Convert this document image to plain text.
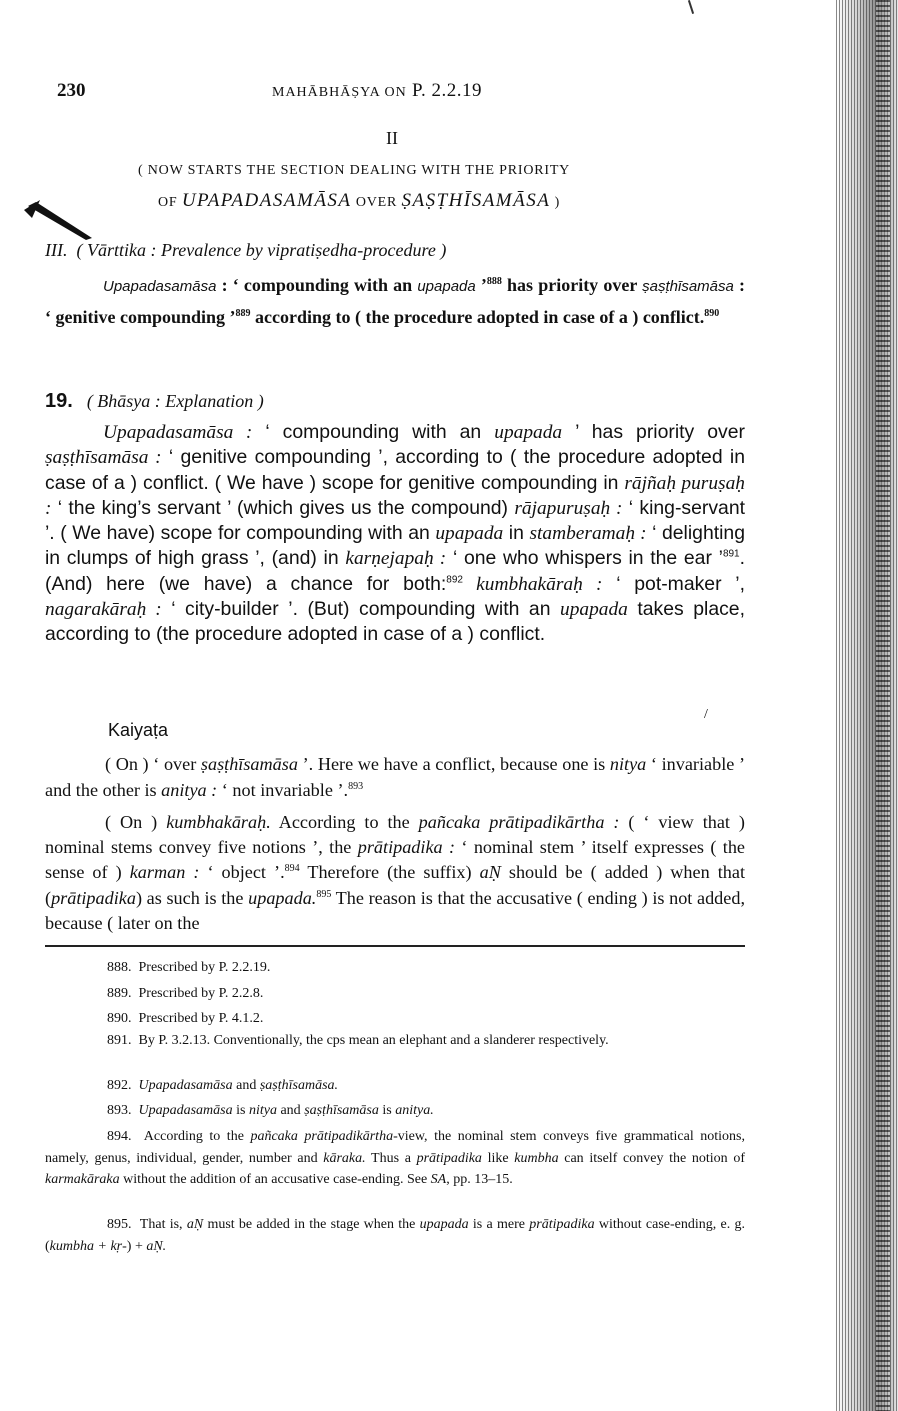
230	MAHĀBHĀṢYA ON P. 2.2.19
II
( NOW STARTS THE SECTION DEALING WITH THE PRIORITY
OF UPAPADASAMĀSA OVER ṢAṢṬHĪSAMĀSA )
III. ( Vārttika : Prevalence by vipratiṣedha-procedure )
Upapadasamāsa : ‘ compounding with an upapada ’$^{888}$ has priority over ṣaṣṭhīsamāsa : ‘ genitive compounding ’$^{889}$ according to ( the procedure adopted in case of a ) conflict.$^{890}$
19. ( Bhāsya : Explanation )
Upapadasamāsa : ‘ compounding with an upapada ’ has priority over ṣaṣṭhīsamāsa : ‘ genitive compounding ’, according to ( the procedure adopted in case of a ) conflict. ( We have ) scope for genitive compounding in rājñaḥ puruṣaḥ : ‘ the king’s servant ’ (which gives us the compound) rājapuruṣaḥ : ‘ king-servant ’. ( We have) scope for compounding with an upapada in stamberamaḥ : ‘ delighting in clumps of high grass ’, (and) in karṇejapaḥ : ‘ one who whispers in the ear ’$^{891}$. (And) here (we have) a chance for both:$^{892}$ kumbhakāraḥ : ‘ pot-maker ’, nagarakāraḥ : ‘ city-builder ’. (But) compounding with an upapada takes place, according to (the procedure adopted in case of a ) conflict.
/
Kaiyaṭa
( On ) ‘ over ṣaṣṭhīsamāsa ’. Here we have a conflict, because one is nitya ‘ invariable ’ and the other is anitya : ‘ not invariable ’.$^{893}$
( On ) kumbhakāraḥ. According to the pañcaka prātipadikārtha : ( ‘ view that ) nominal stems convey five notions ’, the prātipadika : ‘ nominal stem ’ itself expresses ( the sense of ) karman : ‘ object ’.$^{894}$ Therefore (the suffix) aṆ should be ( added ) when that (prātipadika) as such is the upapada.$^{895}$ The reason is that the accusative ( ending ) is not added, because ( later on the
888. Prescribed by P. 2.2.19.
889. Prescribed by P. 2.2.8.
890. Prescribed by P. 4.1.2.
891. By P. 3.2.13. Conventionally, the cps mean an elephant and a slanderer respectively.
892. Upapadasamāsa and ṣaṣṭhīsamāsa.
893. Upapadasamāsa is nitya and ṣaṣṭhīsamāsa is anitya.
894. According to the pañcaka prātipadikārtha-view, the nominal stem conveys five grammatical notions, namely, genus, individual, gender, number and kāraka. Thus a prātipadika like kumbha can itself convey the notion of karmakāraka without the addition of an accusative case-ending. See SA, pp. 13–15.
895. That is, aṆ must be added in the stage when the upapada is a mere prātipadika without case-ending, e. g.(kumbha + kṛ-) + aṆ.
